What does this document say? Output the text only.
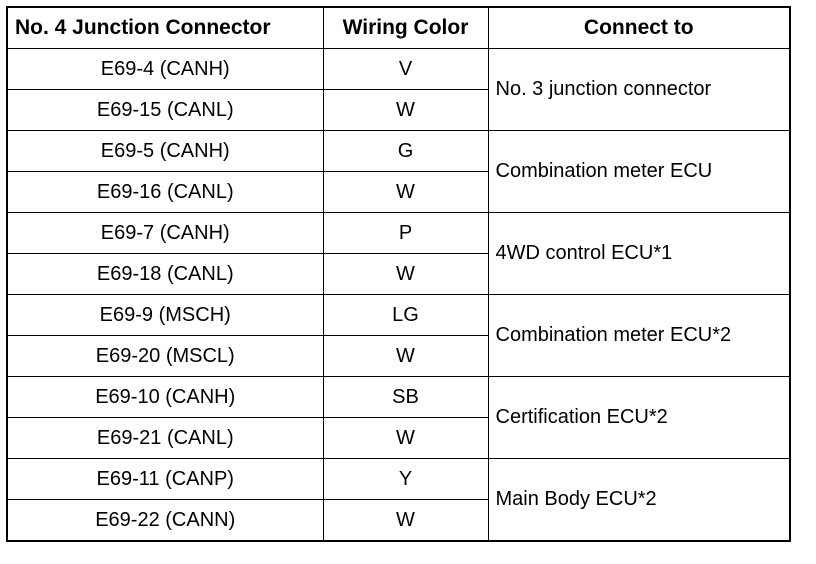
No. 4 Junction Connector	Wiring Color	Connect to
E69-4 (CANH)	V	No. 3 junction connector
E69-15 (CANL)	W	
E69-5 (CANH)	G	Combination meter ECU
E69-16 (CANL)	W	
E69-7 (CANH)	P	4WD control ECU*1
E69-18 (CANL)	W	
E69-9 (MSCH)	LG	Combination meter ECU*2
E69-20 (MSCL)	W	
E69-10 (CANH)	SB	Certification ECU*2
E69-21 (CANL)	W	
E69-11 (CANP)	Y	Main Body ECU*2
E69-22 (CANN)	W	
